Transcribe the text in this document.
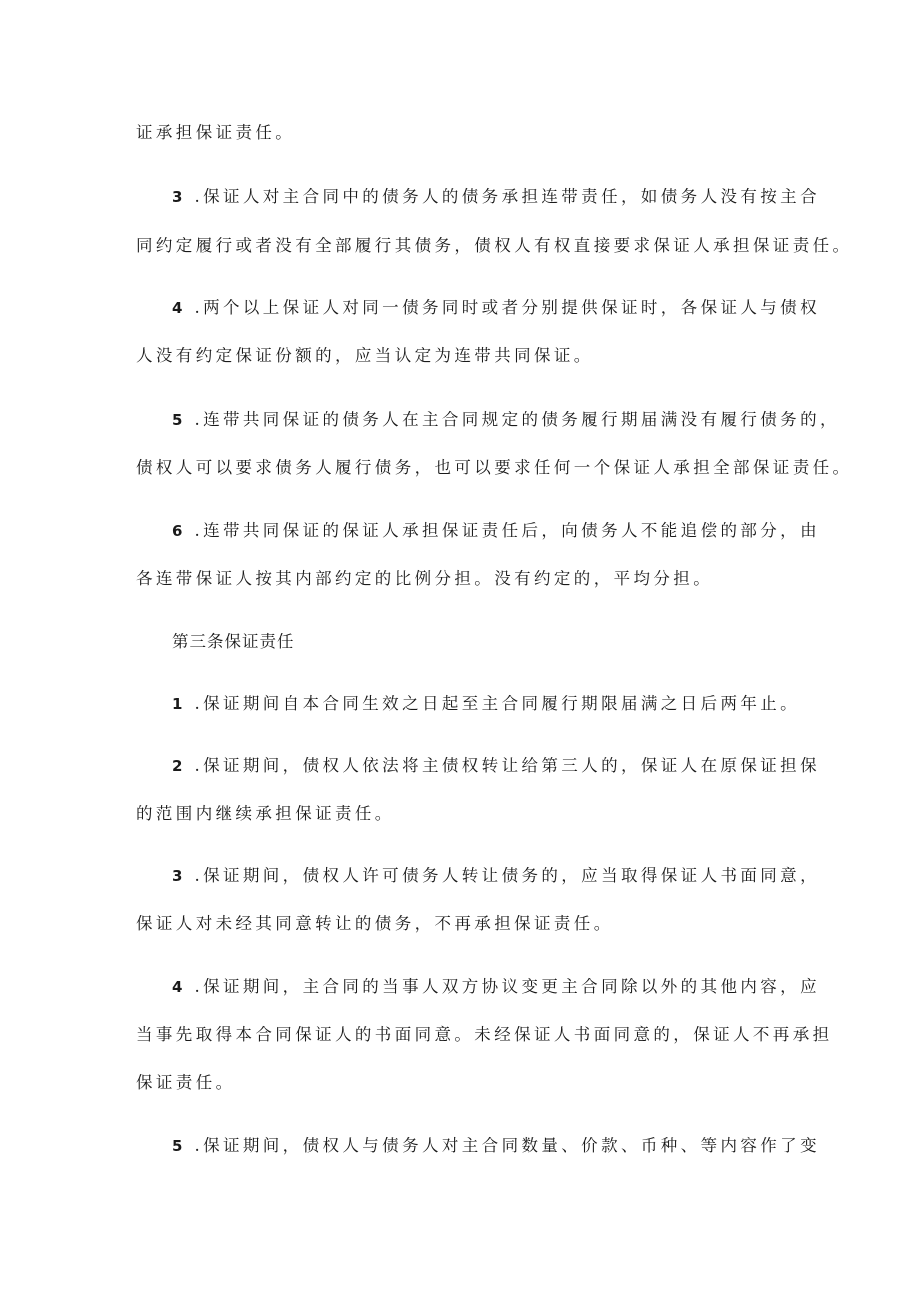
证承担保证责任。
3 .保证人对主合同中的债务人的债务承担连带责任，如债务人没有按主合
同约定履行或者没有全部履行其债务，债权人有权直接要求保证人承担保证责任。
4 .两个以上保证人对同一债务同时或者分别提供保证时，各保证人与债权
人没有约定保证份额的，应当认定为连带共同保证。
5 .连带共同保证的债务人在主合同规定的债务履行期届满没有履行债务的，
债权人可以要求债务人履行债务，也可以要求任何一个保证人承担全部保证责任。
6 .连带共同保证的保证人承担保证责任后，向债务人不能追偿的部分，由
各连带保证人按其内部约定的比例分担。没有约定的，平均分担。
第三条保证责任
1 .保证期间自本合同生效之日起至主合同履行期限届满之日后两年止。
2 .保证期间，债权人依法将主债权转让给第三人的，保证人在原保证担保
的范围内继续承担保证责任。
3 .保证期间，债权人许可债务人转让债务的，应当取得保证人书面同意，
保证人对未经其同意转让的债务，不再承担保证责任。
4 .保证期间，主合同的当事人双方协议变更主合同除以外的其他内容，应
当事先取得本合同保证人的书面同意。未经保证人书面同意的，保证人不再承担
保证责任。
5 .保证期间，债权人与债务人对主合同数量、价款、币种、等内容作了变
